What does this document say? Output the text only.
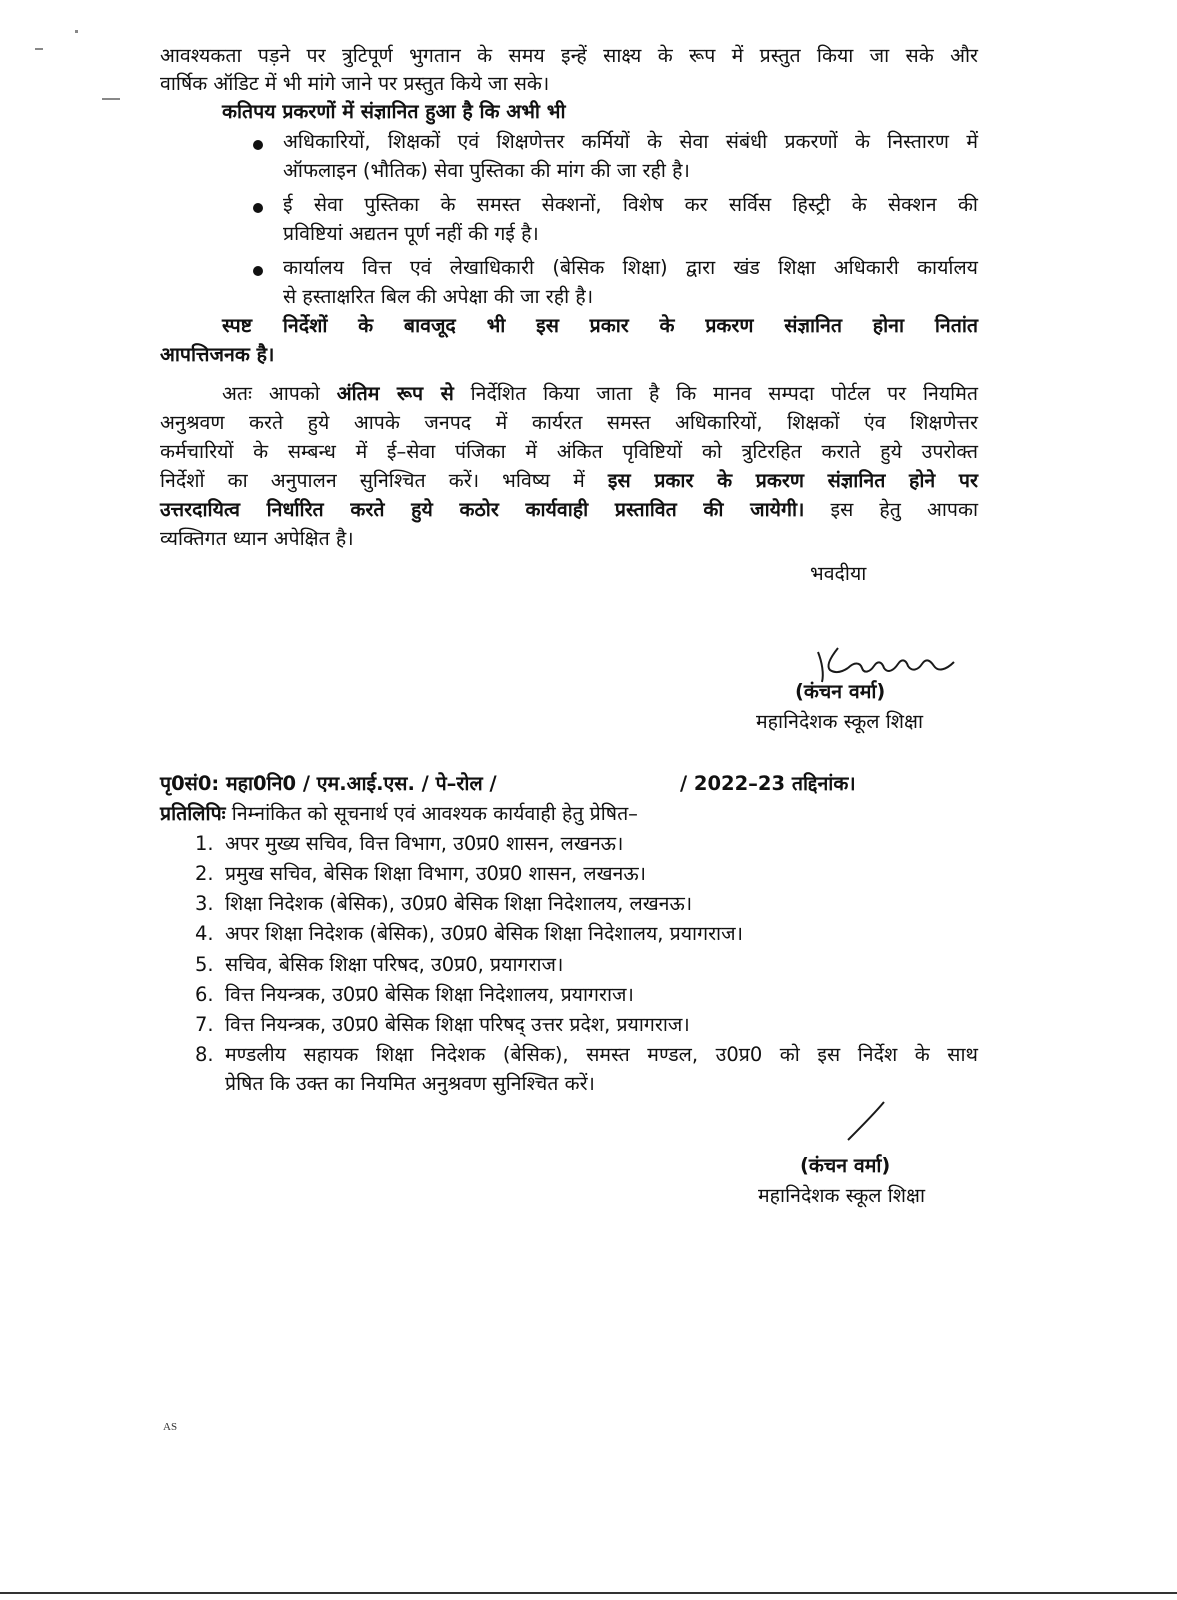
आवश्यकता पड़ने पर त्रुटिपूर्ण भुगतान के समय इन्हें साक्ष्य के रूप में प्रस्तुत किया जा सके और
वार्षिक ऑडिट में भी मांगे जाने पर प्रस्तुत किये जा सके।
कतिपय प्रकरणों में संज्ञानित हुआ है कि अभी भी
अधिकारियों, शिक्षकों एवं शिक्षणेत्तर कर्मियों के सेवा संबंधी प्रकरणों के निस्तारण में
ऑफलाइन (भौतिक) सेवा पुस्तिका की मांग की जा रही है।
ई सेवा पुस्तिका के समस्त सेक्शनों, विशेष कर सर्विस हिस्ट्री के सेक्शन की
प्रविष्टियां अद्यतन पूर्ण नहीं की गई है।
कार्यालय वित्त एवं लेखाधिकारी (बेसिक शिक्षा) द्वारा खंड शिक्षा अधिकारी कार्यालय
से हस्ताक्षरित बिल की अपेक्षा की जा रही है।
स्पष्ट निर्देशों के बावजूद भी इस प्रकार के प्रकरण संज्ञानित होना नितांत
आपत्तिजनक है।
अतः आपको अंतिम रूप से निर्देशित किया जाता है कि मानव सम्पदा पोर्टल पर नियमित
अनुश्रवण करते हुये आपके जनपद में कार्यरत समस्त अधिकारियों, शिक्षकों एंव शिक्षणेत्तर
कर्मचारियों के सम्बन्ध में ई–सेवा पंजिका में अंकित पृविष्टियों को त्रुटिरहित कराते हुये उपरोक्त
निर्देशों का अनुपालन सुनिश्चित करें। भविष्य में इस प्रकार के प्रकरण संज्ञानित होने पर
उत्तरदायित्व निर्धारित करते हुये कठोर कार्यवाही प्रस्तावित की जायेगी। इस हेतु आपका
व्यक्तिगत ध्यान अपेक्षित है।
भवदीया
(कंचन वर्मा)
महानिदेशक स्कूल शिक्षा
पृ0सं0: महा0नि0 / एम.आई.एस. / पे–रोल /	/ 2022–23 तद्दिनांक।
प्रतिलिपिः निम्नांकित को सूचनार्थ एवं आवश्यक कार्यवाही हेतु प्रेषित–
1. अपर मुख्य सचिव, वित्त विभाग, उ0प्र0 शासन, लखनऊ।
2. प्रमुख सचिव, बेसिक शिक्षा विभाग, उ0प्र0 शासन, लखनऊ।
3. शिक्षा निदेशक (बेसिक), उ0प्र0 बेसिक शिक्षा निदेशालय, लखनऊ।
4. अपर शिक्षा निदेशक (बेसिक), उ0प्र0 बेसिक शिक्षा निदेशालय, प्रयागराज।
5. सचिव, बेसिक शिक्षा परिषद, उ0प्र0, प्रयागराज।
6. वित्त नियन्त्रक, उ0प्र0 बेसिक शिक्षा निदेशालय, प्रयागराज।
7. वित्त नियन्त्रक, उ0प्र0 बेसिक शिक्षा परिषद् उत्तर प्रदेश, प्रयागराज।
8. मण्डलीय सहायक शिक्षा निदेशक (बेसिक), समस्त मण्डल, उ0प्र0 को इस निर्देश के साथ
प्रेषित कि उक्त का नियमित अनुश्रवण सुनिश्चित करें।
(कंचन वर्मा)
महानिदेशक स्कूल शिक्षा
AS
